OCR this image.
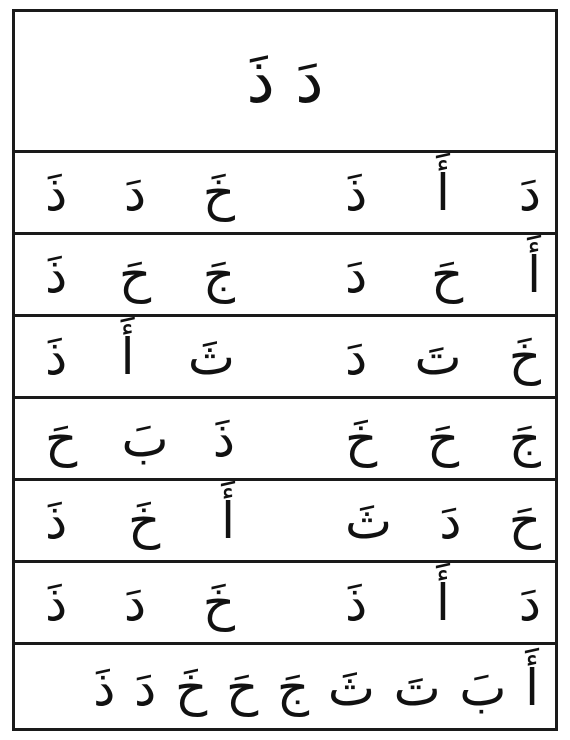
دَ ذَ
دَ
أَ
ذَ
خَ
دَ
ذَ
أَ
حَ
دَ
جَ
حَ
ذَ
خَ
تَ
دَ
ثَ
أَ
ذَ
جَ
حَ
خَ
ذَ
بَ
حَ
حَ
دَ
ثَ
أَ
خَ
ذَ
دَ
أَ
ذَ
خَ
دَ
ذَ
أَ
بَ
تَ
ثَ
جَ
حَ
خَ
دَ
ذَ
